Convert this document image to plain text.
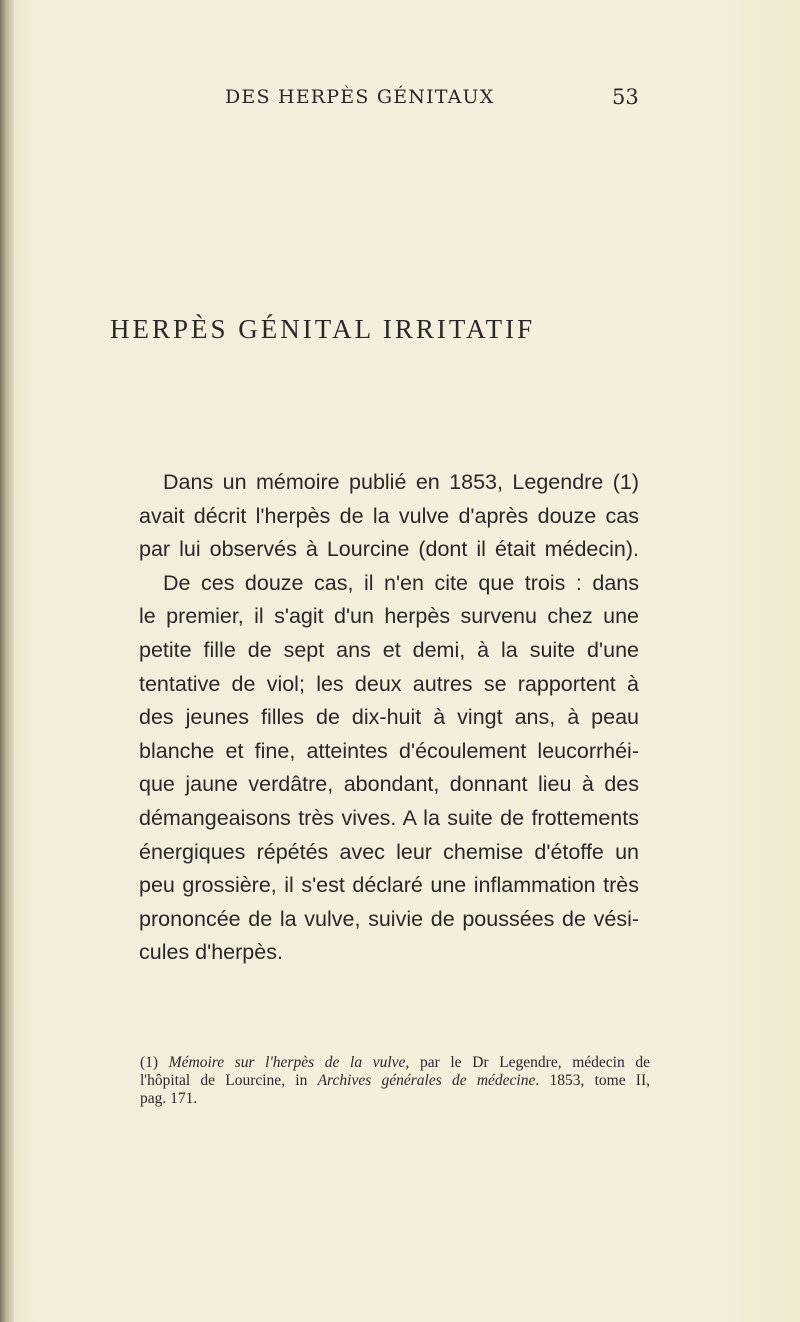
DES HERPÈS GÉNITAUX	53
HERPÈS GÉNITAL IRRITATIF
Dans un mémoire publié en 1853, Legendre (1)
avait décrit l'herpès de la vulve d'après douze cas
par lui observés à Lourcine (dont il était médecin).
De ces douze cas, il n'en cite que trois : dans
le premier, il s'agit d'un herpès survenu chez une
petite fille de sept ans et demi, à la suite d'une
tentative de viol; les deux autres se rapportent à
des jeunes filles de dix-huit à vingt ans, à peau
blanche et fine, atteintes d'écoulement leucorrhéi-
que jaune verdâtre, abondant, donnant lieu à des
démangeaisons très vives. A la suite de frottements
énergiques répétés avec leur chemise d'étoffe un
peu grossière, il s'est déclaré une inflammation très
prononcée de la vulve, suivie de poussées de vési-
cules d'herpès.
(1) Mémoire sur l'herpès de la vulve, par le Dr Legendre, médecin de
l'hôpital de Lourcine, in Archives générales de médecine. 1853, tome II,
pag. 171.
